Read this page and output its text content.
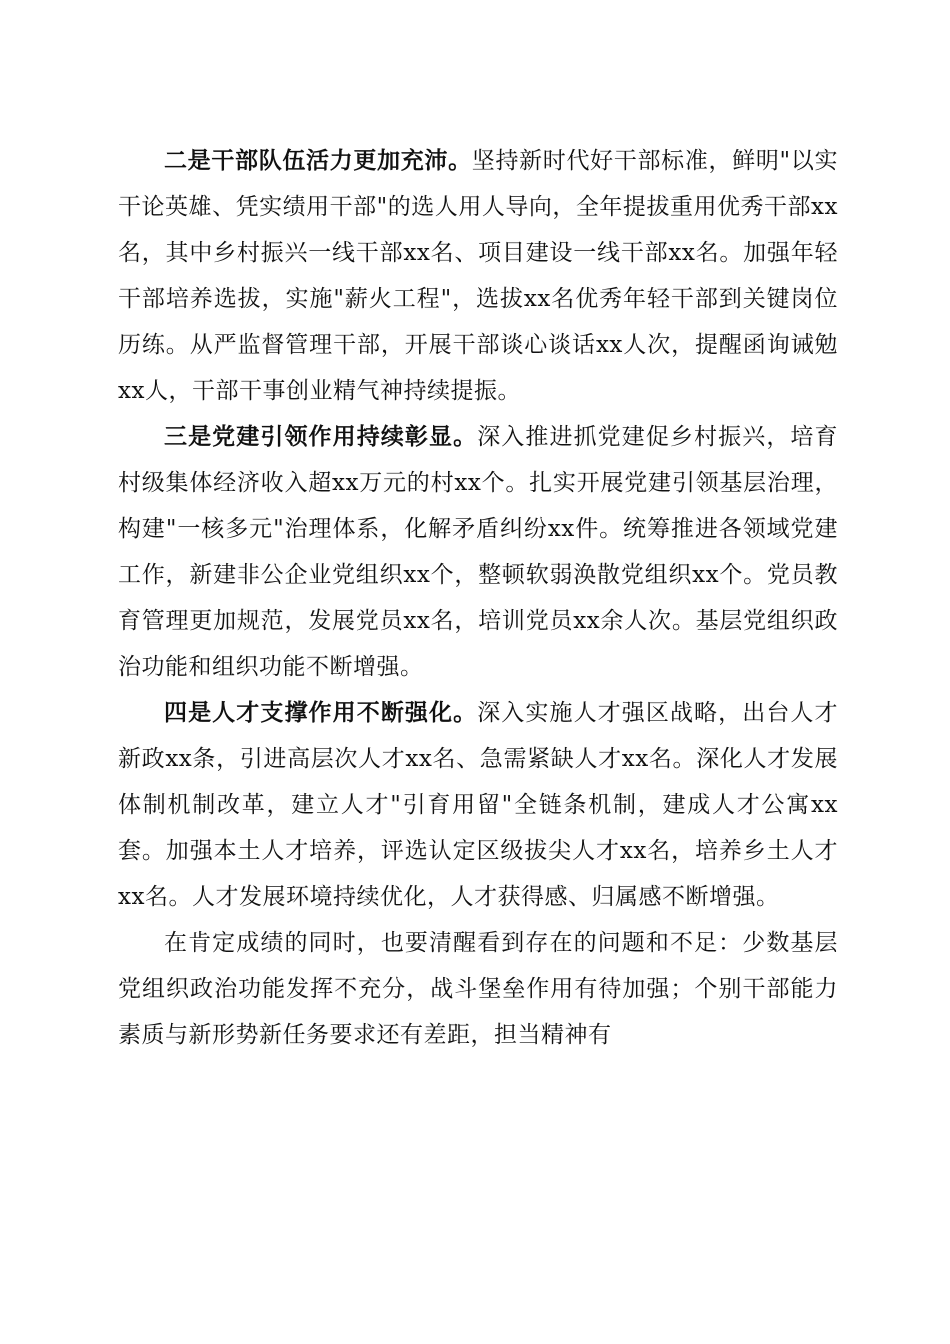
二是干部队伍活力更加充沛。坚持新时代好干部标准，鲜明"以实干论英雄、凭实绩用干部"的选人用人导向，全年提拔重用优秀干部xx名，其中乡村振兴一线干部xx名、项目建设一线干部xx名。加强年轻干部培养选拔，实施"薪火工程"，选拔xx名优秀年轻干部到关键岗位历练。从严监督管理干部，开展干部谈心谈话xx人次，提醒函询诫勉xx人，干部干事创业精气神持续提振。

三是党建引领作用持续彰显。深入推进抓党建促乡村振兴，培育村级集体经济收入超xx万元的村xx个。扎实开展党建引领基层治理，构建"一核多元"治理体系，化解矛盾纠纷xx件。统筹推进各领域党建工作，新建非公企业党组织xx个，整顿软弱涣散党组织xx个。党员教育管理更加规范，发展党员xx名，培训党员xx余人次。基层党组织政治功能和组织功能不断增强。

四是人才支撑作用不断强化。深入实施人才强区战略，出台人才新政xx条，引进高层次人才xx名、急需紧缺人才xx名。深化人才发展体制机制改革，建立人才"引育用留"全链条机制，建成人才公寓xx套。加强本土人才培养，评选认定区级拔尖人才xx名，培养乡土人才xx名。人才发展环境持续优化，人才获得感、归属感不断增强。

在肯定成绩的同时，也要清醒看到存在的问题和不足：少数基层党组织政治功能发挥不充分，战斗堡垒作用有待加强；个别干部能力素质与新形势新任务要求还有差距，担当精神有
